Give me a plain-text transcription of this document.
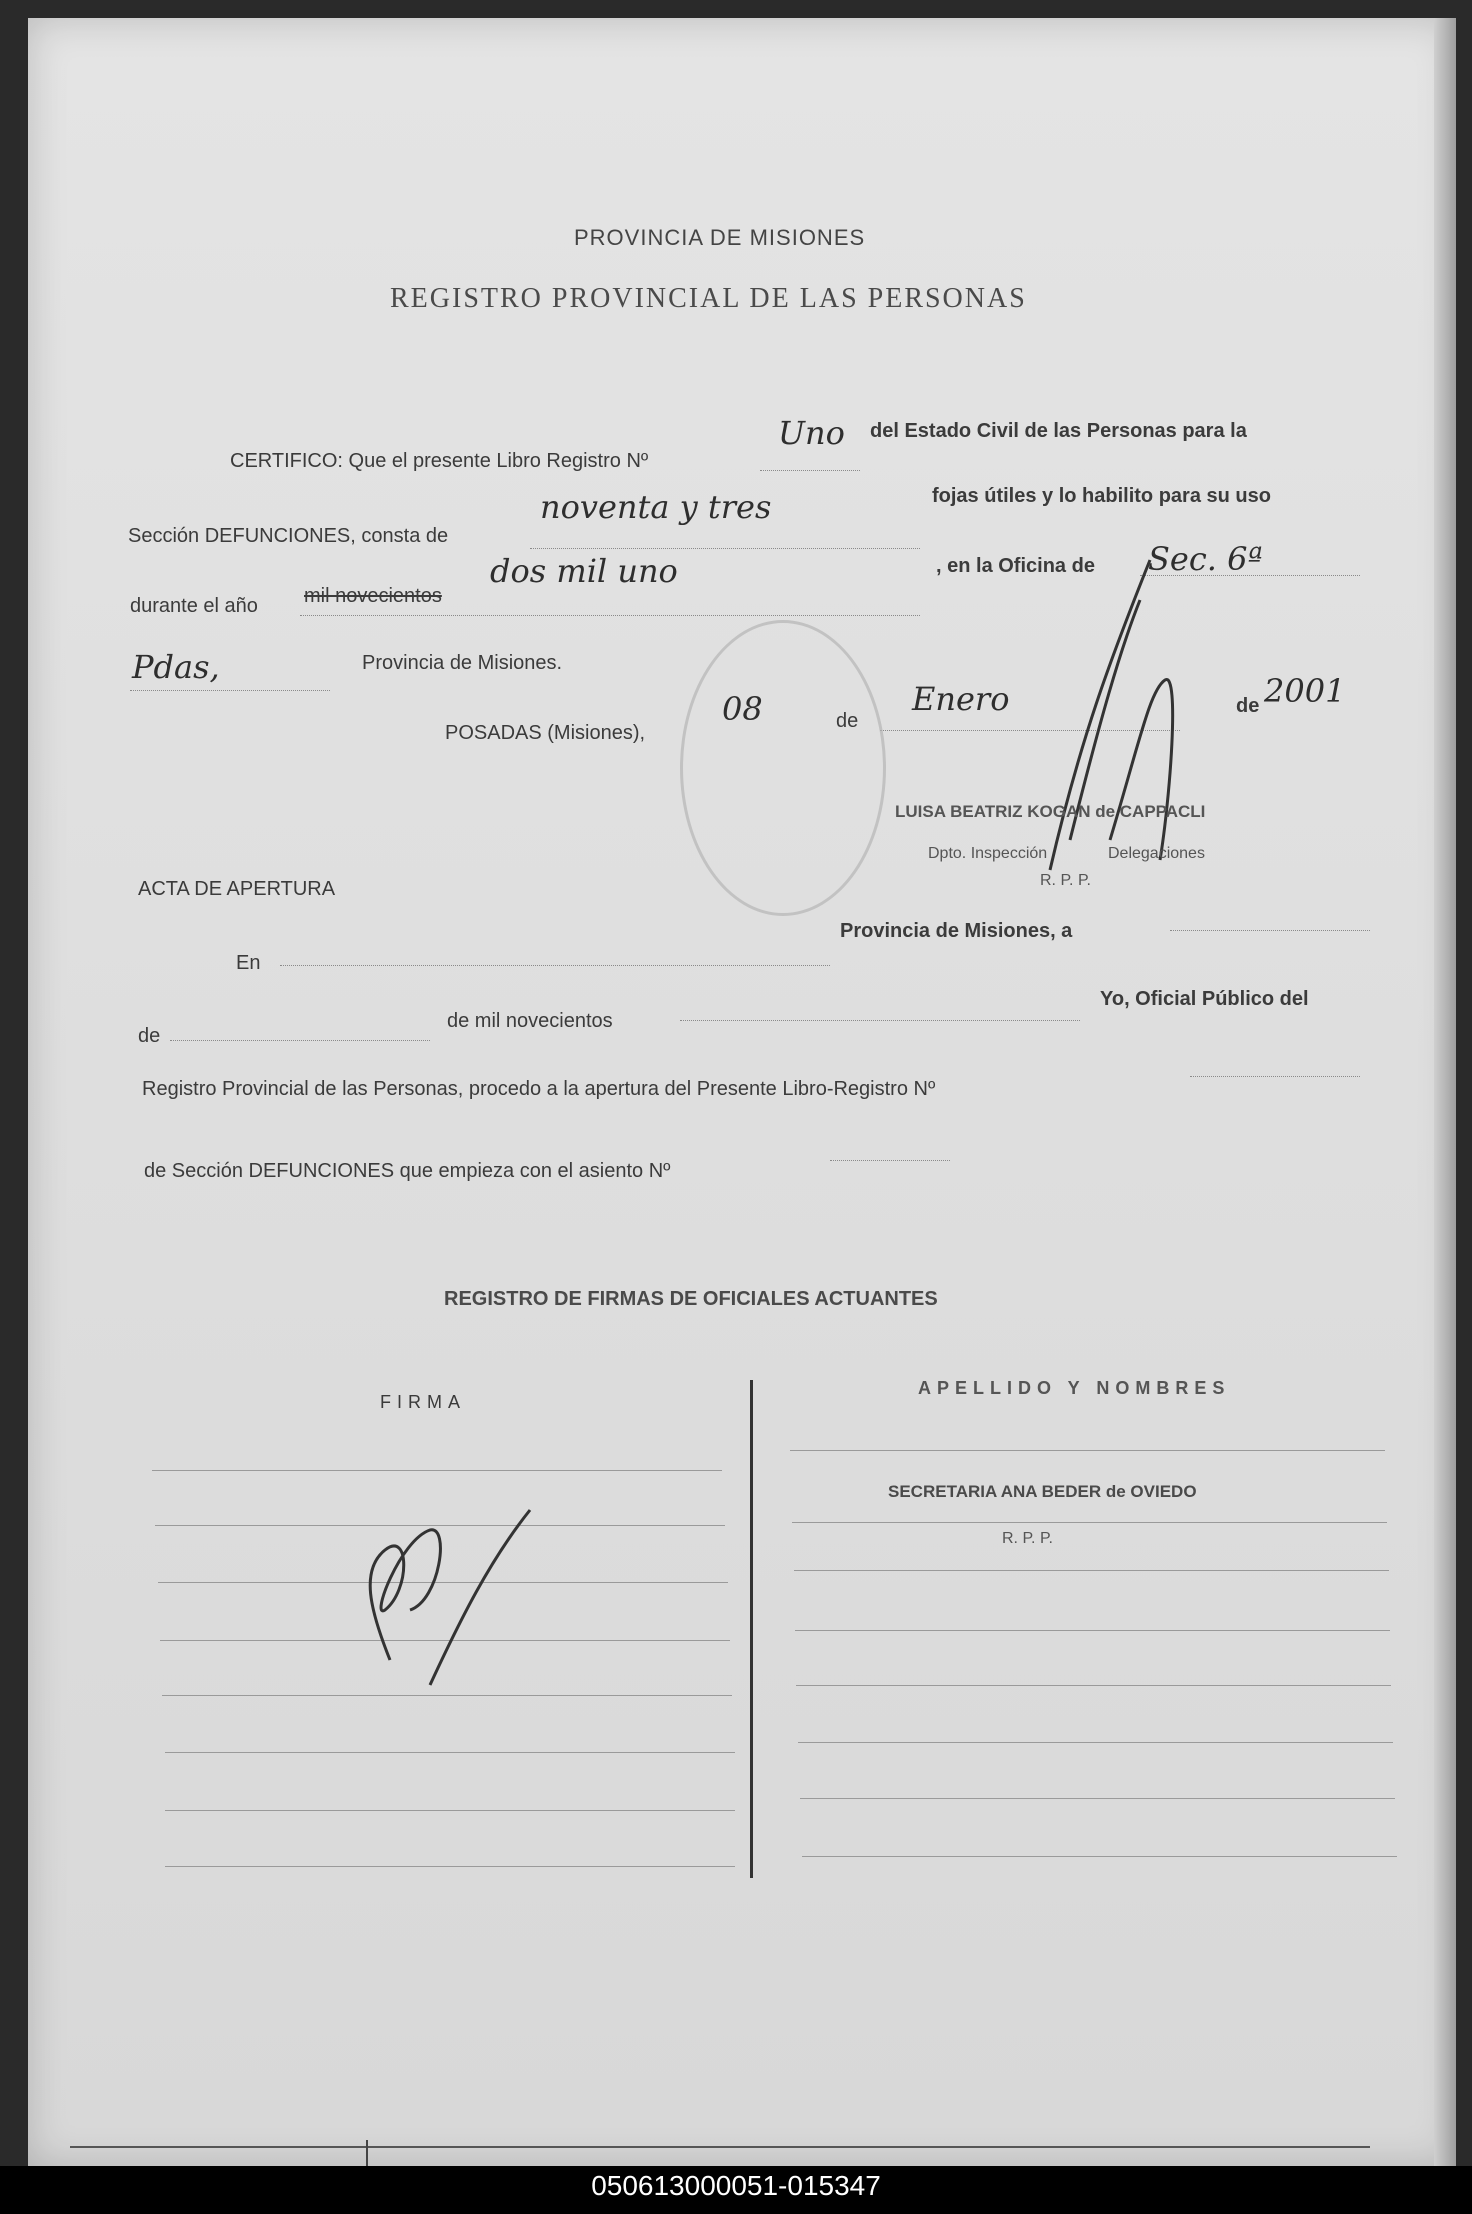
PROVINCIA DE MISIONES
REGISTRO PROVINCIAL DE LAS PERSONAS
CERTIFICO: Que el presente Libro Registro Nº
Uno del Estado Civil de las Personas para la
Sección DEFUNCIONES, consta de
noventa y tres	fojas útiles y lo habilito para su uso
durante el año mil novecientos
dos mil uno	, en la Oficina de Sec. 6ª
Pdas,	Provincia de Misiones.
POSADAS (Misiones),
08	de
Enero	de 2001
LUISA BEATRIZ KOGAN de CAPPACLI
Dpto. Inspección	Delegaciones
R. P. P.
ACTA DE APERTURA
Provincia de Misiones, a
En
de
de mil novecientos
Yo, Oficial Público del
Registro Provincial de las Personas, procedo a la apertura del Presente Libro-Registro Nº
de Sección DEFUNCIONES que empieza con el asiento Nº
REGISTRO DE FIRMAS DE OFICIALES ACTUANTES
FIRMA
APELLIDO Y NOMBRES
SECRETARIA ANA BEDER de OVIEDO
R. P. P.
050613000051-015347
